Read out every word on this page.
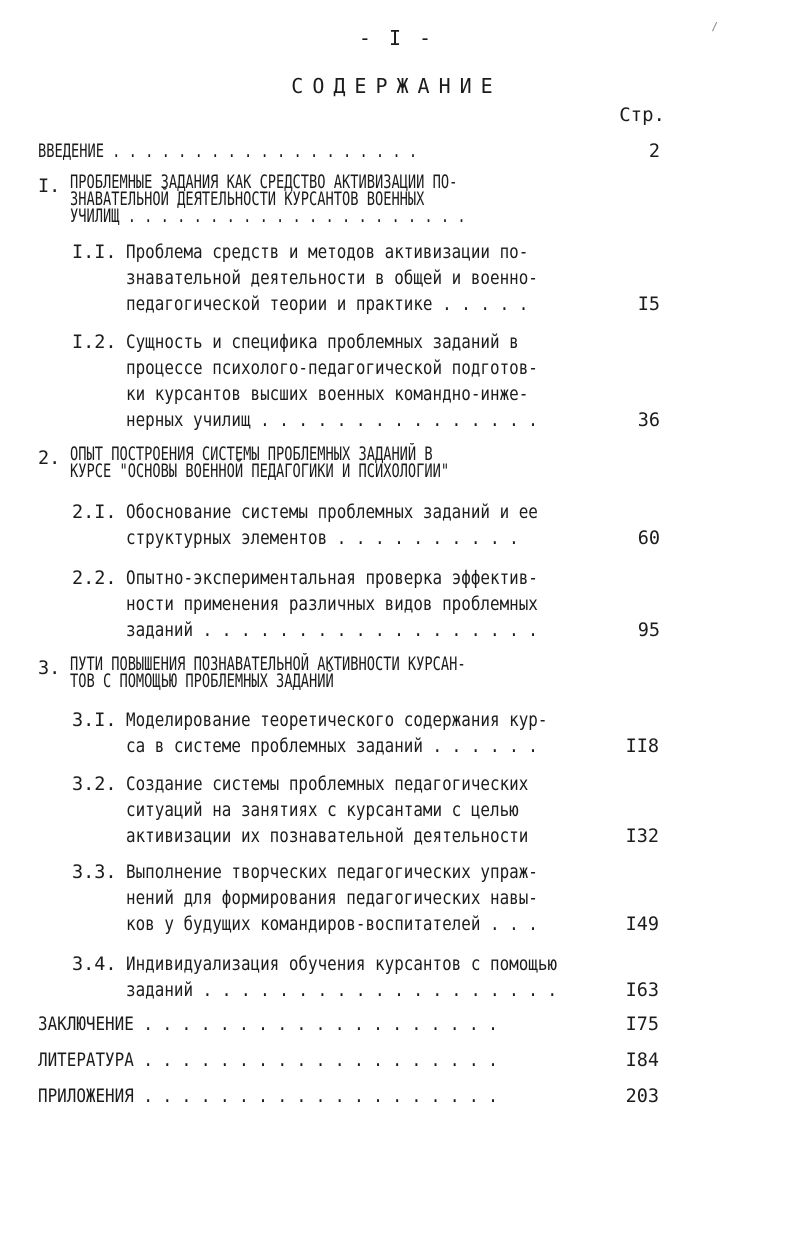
- I -
СОДЕРЖАНИЕ
Стр.
ВВЕДЕНИЕ . . . . . . . . . . . . . . . . . . .	2
I. ПРОБЛЕМНЫЕ ЗАДАНИЯ КАК СРЕДСТВО АКТИВИЗАЦИИ ПО-
ЗНАВАТЕЛЬНОЙ ДЕЯТЕЛЬНОСТИ КУРСАНТОВ ВОЕННЫХ
УЧИЛИЩ . . . . . . . . . . . . . . . . . . . . .
I.I. Проблема средств и методов активизации по-
знавательной деятельности в общей и военно-
педагогической теории и практике . . . . .	I5
I.2. Сущность и специфика проблемных заданий в
процессе психолого-педагогической подготов-
ки курсантов высших военных командно-инже-
нерных училищ . . . . . . . . . . . . . . .	36
2. ОПЫТ ПОСТРОЕНИЯ СИСТЕМЫ ПРОБЛЕМНЫХ ЗАДАНИЙ В
КУРСЕ "ОСНОВЫ ВОЕННОЙ ПЕДАГОГИКИ И ПСИХОЛОГИИ"
2.I. Обоснование системы проблемных заданий и ее
структурных элементов . . . . . . . . . .	60
2.2. Опытно-экспериментальная проверка эффектив-
ности применения различных видов проблемных
заданий . . . . . . . . . . . . . . . . . .	95
3. ПУТИ ПОВЫШЕНИЯ ПОЗНАВАТЕЛЬНОЙ АКТИВНОСТИ КУРСАН-
ТОВ С ПОМОЩЬЮ ПРОБЛЕМНЫХ ЗАДАНИЙ
3.I. Моделирование теоретического содержания кур-
са в системе проблемных заданий . . . . . .	II8
3.2. Создание системы проблемных педагогических
ситуаций на занятиях с курсантами с целью
активизации их познавательной деятельности	I32
3.3. Выполнение творческих педагогических упраж-
нений для формирования педагогических навы-
ков у будущих командиров-воспитателей . . .	I49
3.4. Индивидуализация обучения курсантов с помощью
заданий . . . . . . . . . . . . . . . . . . .	I63
ЗАКЛЮЧЕНИЕ . . . . . . . . . . . . . . . . . . .	I75
ЛИТЕРАТУРА . . . . . . . . . . . . . . . . . . .	I84
ПРИЛОЖЕНИЯ . . . . . . . . . . . . . . . . . . .	203
